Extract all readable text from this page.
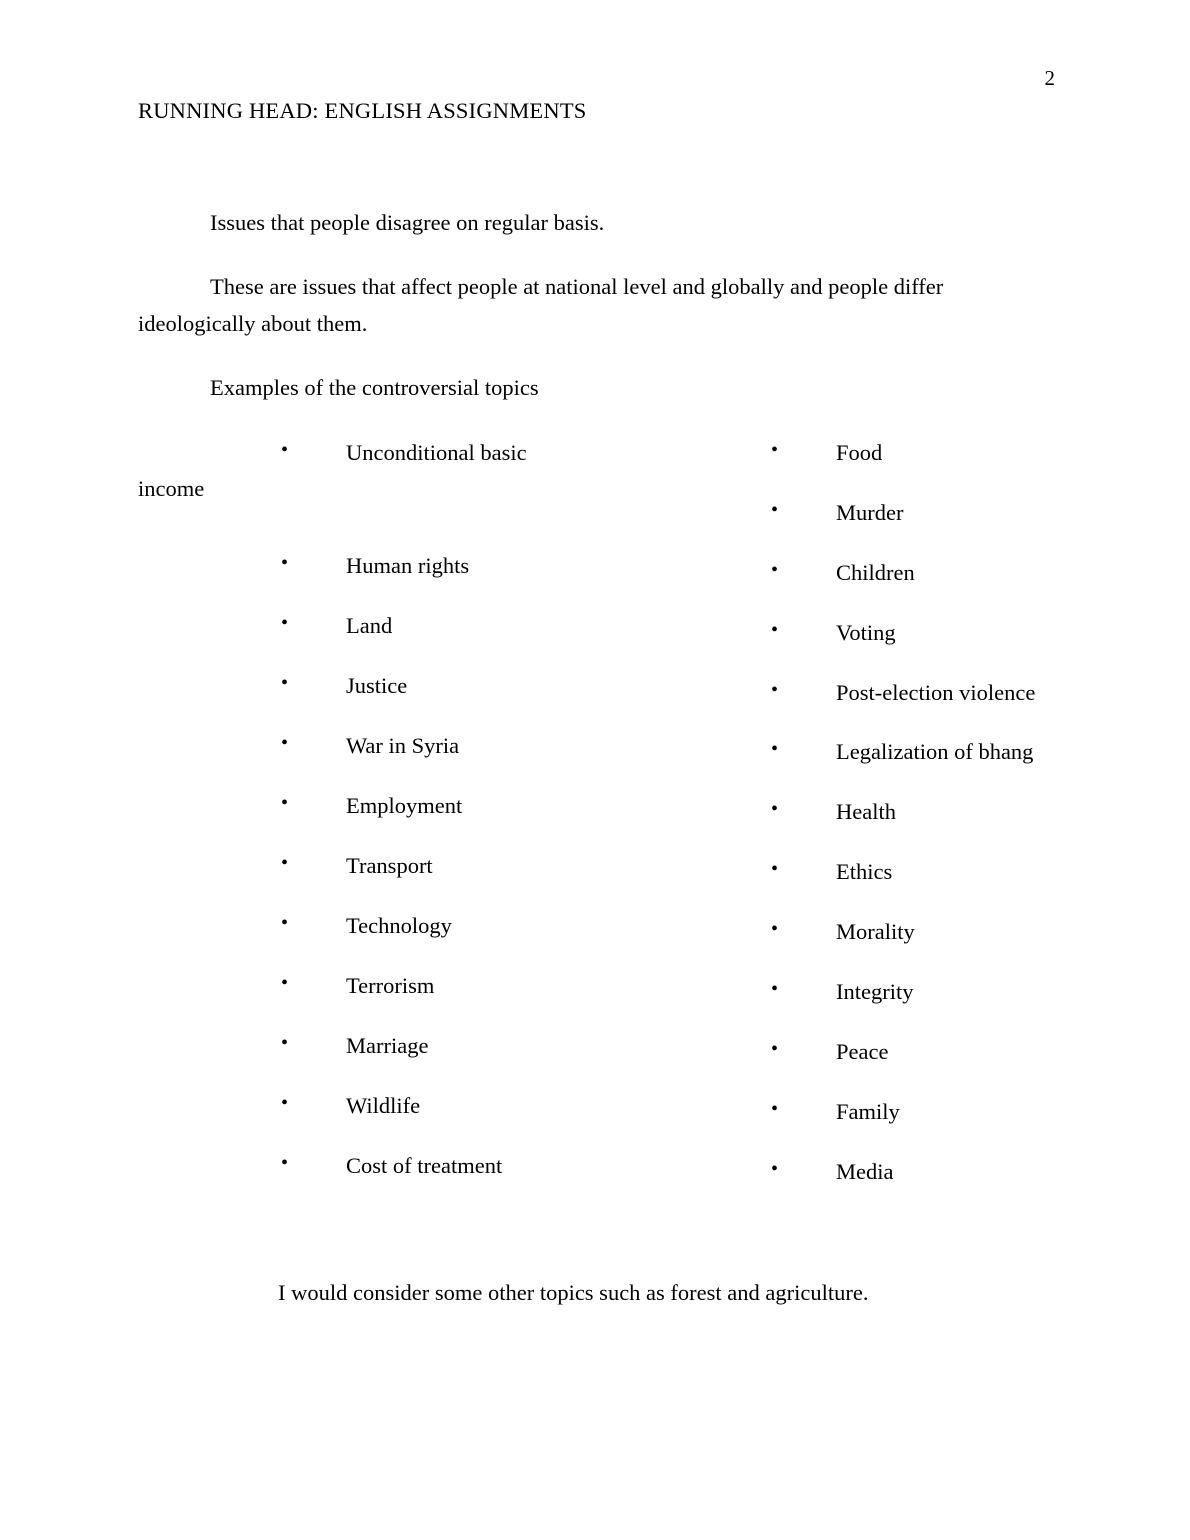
2
RUNNING HEAD: ENGLISH ASSIGNMENTS

Issues that people disagree on regular basis.

These are issues that affect people at national level and globally and people differ ideologically about them.

Examples of the controversial topics

•	Unconditional basic
income
•	Human rights
•	Land
•	Justice
•	War in Syria
•	Employment
•	Transport
•	Technology
•	Terrorism
•	Marriage
•	Wildlife
•	Cost of treatment
•	Food
•	Murder
•	Children
•	Voting
•	Post-election violence
•	Legalization of bhang
•	Health
•	Ethics
•	Morality
•	Integrity
•	Peace
•	Family
•	Media
I would consider some other topics such as forest and agriculture.
